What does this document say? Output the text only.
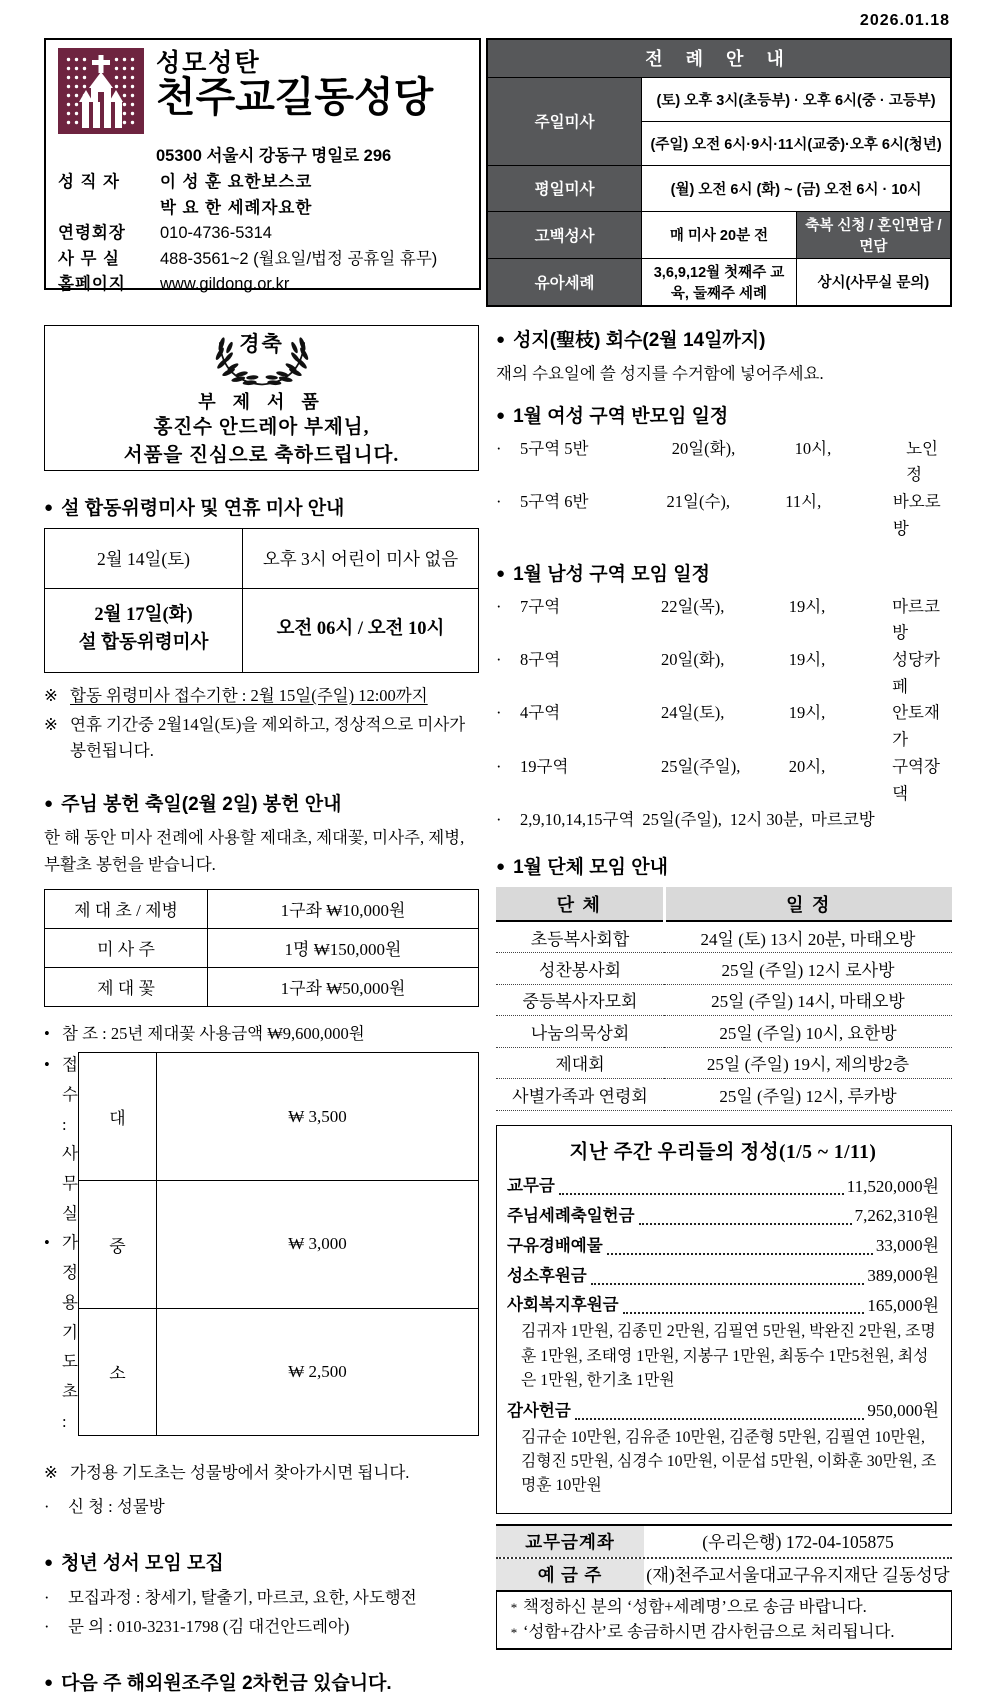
2026.01.18
성모성탄
천주교길동성당
05300 서울시 강동구 명일로 296
성 직 자	이 성 훈 요한보스코
박 요 한 세례자요한
연령회장	010-4736-5314
사 무 실	488-3561~2 (월요일/법정 공휴일 휴무)
홈페이지	www.gildong.or.kr
전 례 안 내		
주일미사	(토) 오후 3시(초등부) · 오후 6시(중 · 고등부)	
	(주일) 오전 6시·9시·11시(교중)·오후 6시(청년)	
평일미사	(월) 오전 6시 (화) ~ (금) 오전 6시 · 10시	
고백성사	매 미사 20분 전	축복 신청 / 혼인면담 / 면담
유아세례	3,6,9,12월 첫째주 교육, 둘째주 세례	상시(사무실 문의)
경축
부 제 서 품
홍진수 안드레아 부제님,
서품을 진심으로 축하드립니다.
● 설 합동위령미사 및 연휴 미사 안내
2월 14일(토)	오후 3시 어린이 미사 없음

2월 17일(화)
설 합동위령미사	오전 06시 / 오전 10시
※ 합동 위령미사 접수기한 : 2월 15일(주일) 12:00까지
※ 연휴 기간중 2월14일(토)을 제외하고, 정상적으로 미사가 봉헌됩니다.
● 주님 봉헌 축일(2월 2일) 봉헌 안내
한 해 동안 미사 전례에 사용할 제대초, 제대꽃, 미사주, 제병, 부활초 봉헌을 받습니다.
제 대 초 / 제병	1구좌 ₩10,000원
미 사 주	1명 ₩150,000원
제 대 꽃	1구좌 ₩50,000원
• 참 조 : 25년 제대꽃 사용금액 ₩9,600,000원
• 접 수 : 사무실
• 가정용 기도초 :
대	₩ 3,500
중	₩ 3,000
소	₩ 2,500
※ 가정용 기도초는 성물방에서 찾아가시면 됩니다.
·	신 청 : 성물방
● 청년 성서 모임 모집
·	모집과정 : 창세기, 탈출기, 마르코, 요한, 사도행전
·	문 의 : 010-3231-1798 (김 대건안드레아)
● 다음 주 해외원조주일 2차헌금 있습니다.
● 성지(聖枝) 회수(2월 14일까지)
재의 수요일에 쓸 성지를 수거함에 넣어주세요.
● 1월 여성 구역 반모임 일정
·	5구역 5반	20일(화),	10시,	노인정
·	5구역 6반	21일(수),	11시,	바오로방
● 1월 남성 구역 모임 일정
·	7구역	22일(목),	19시,	마르코방
·	8구역	20일(화),	19시,	성당카페
·	4구역	24일(토),	19시,	안토재가
·	19구역	25일(주일),	20시,	구역장댁
·	2,9,10,14,15구역 25일(주일), 12시 30분, 마르코방
● 1월 단체 모임 안내
단 체	일 정
초등복사회합	24일 (토) 13시 20분, 마태오방
성찬봉사회	25일 (주일) 12시 로사방
중등복사자모회	25일 (주일) 14시, 마태오방
나눔의묵상회	25일 (주일) 10시, 요한방
제대회	25일 (주일) 19시, 제의방2층
사별가족과 연령회	25일 (주일) 12시, 루카방
지난 주간 우리들의 정성(1/5 ~ 1/11)
교무금	11,520,000원
주님세례축일헌금	7,262,310원
구유경배예물	33,000원
성소후원금	389,000원
사회복지후원금	165,000원
김귀자 1만원, 김종민 2만원, 김필연 5만원, 박완진 2만원, 조명훈 1만원, 조태영 1만원, 지봉구 1만원, 최동수 1만5천원, 최성은 1만원, 한기초 1만원
감사헌금	950,000원
김규순 10만원, 김유준 10만원, 김준형 5만원, 김필연 10만원, 김형진 5만원, 심경수 10만원, 이문섭 5만원, 이화훈 30만원, 조명훈 10만원
교무금계좌	(우리은행) 172-04-105875
예 금 주	(재)천주교서울대교구유지재단 길동성당
* 책정하신 분의 ‘성함+세례명’으로 송금 바랍니다.
* ‘성함+감사’로 송금하시면 감사헌금으로 처리됩니다.
